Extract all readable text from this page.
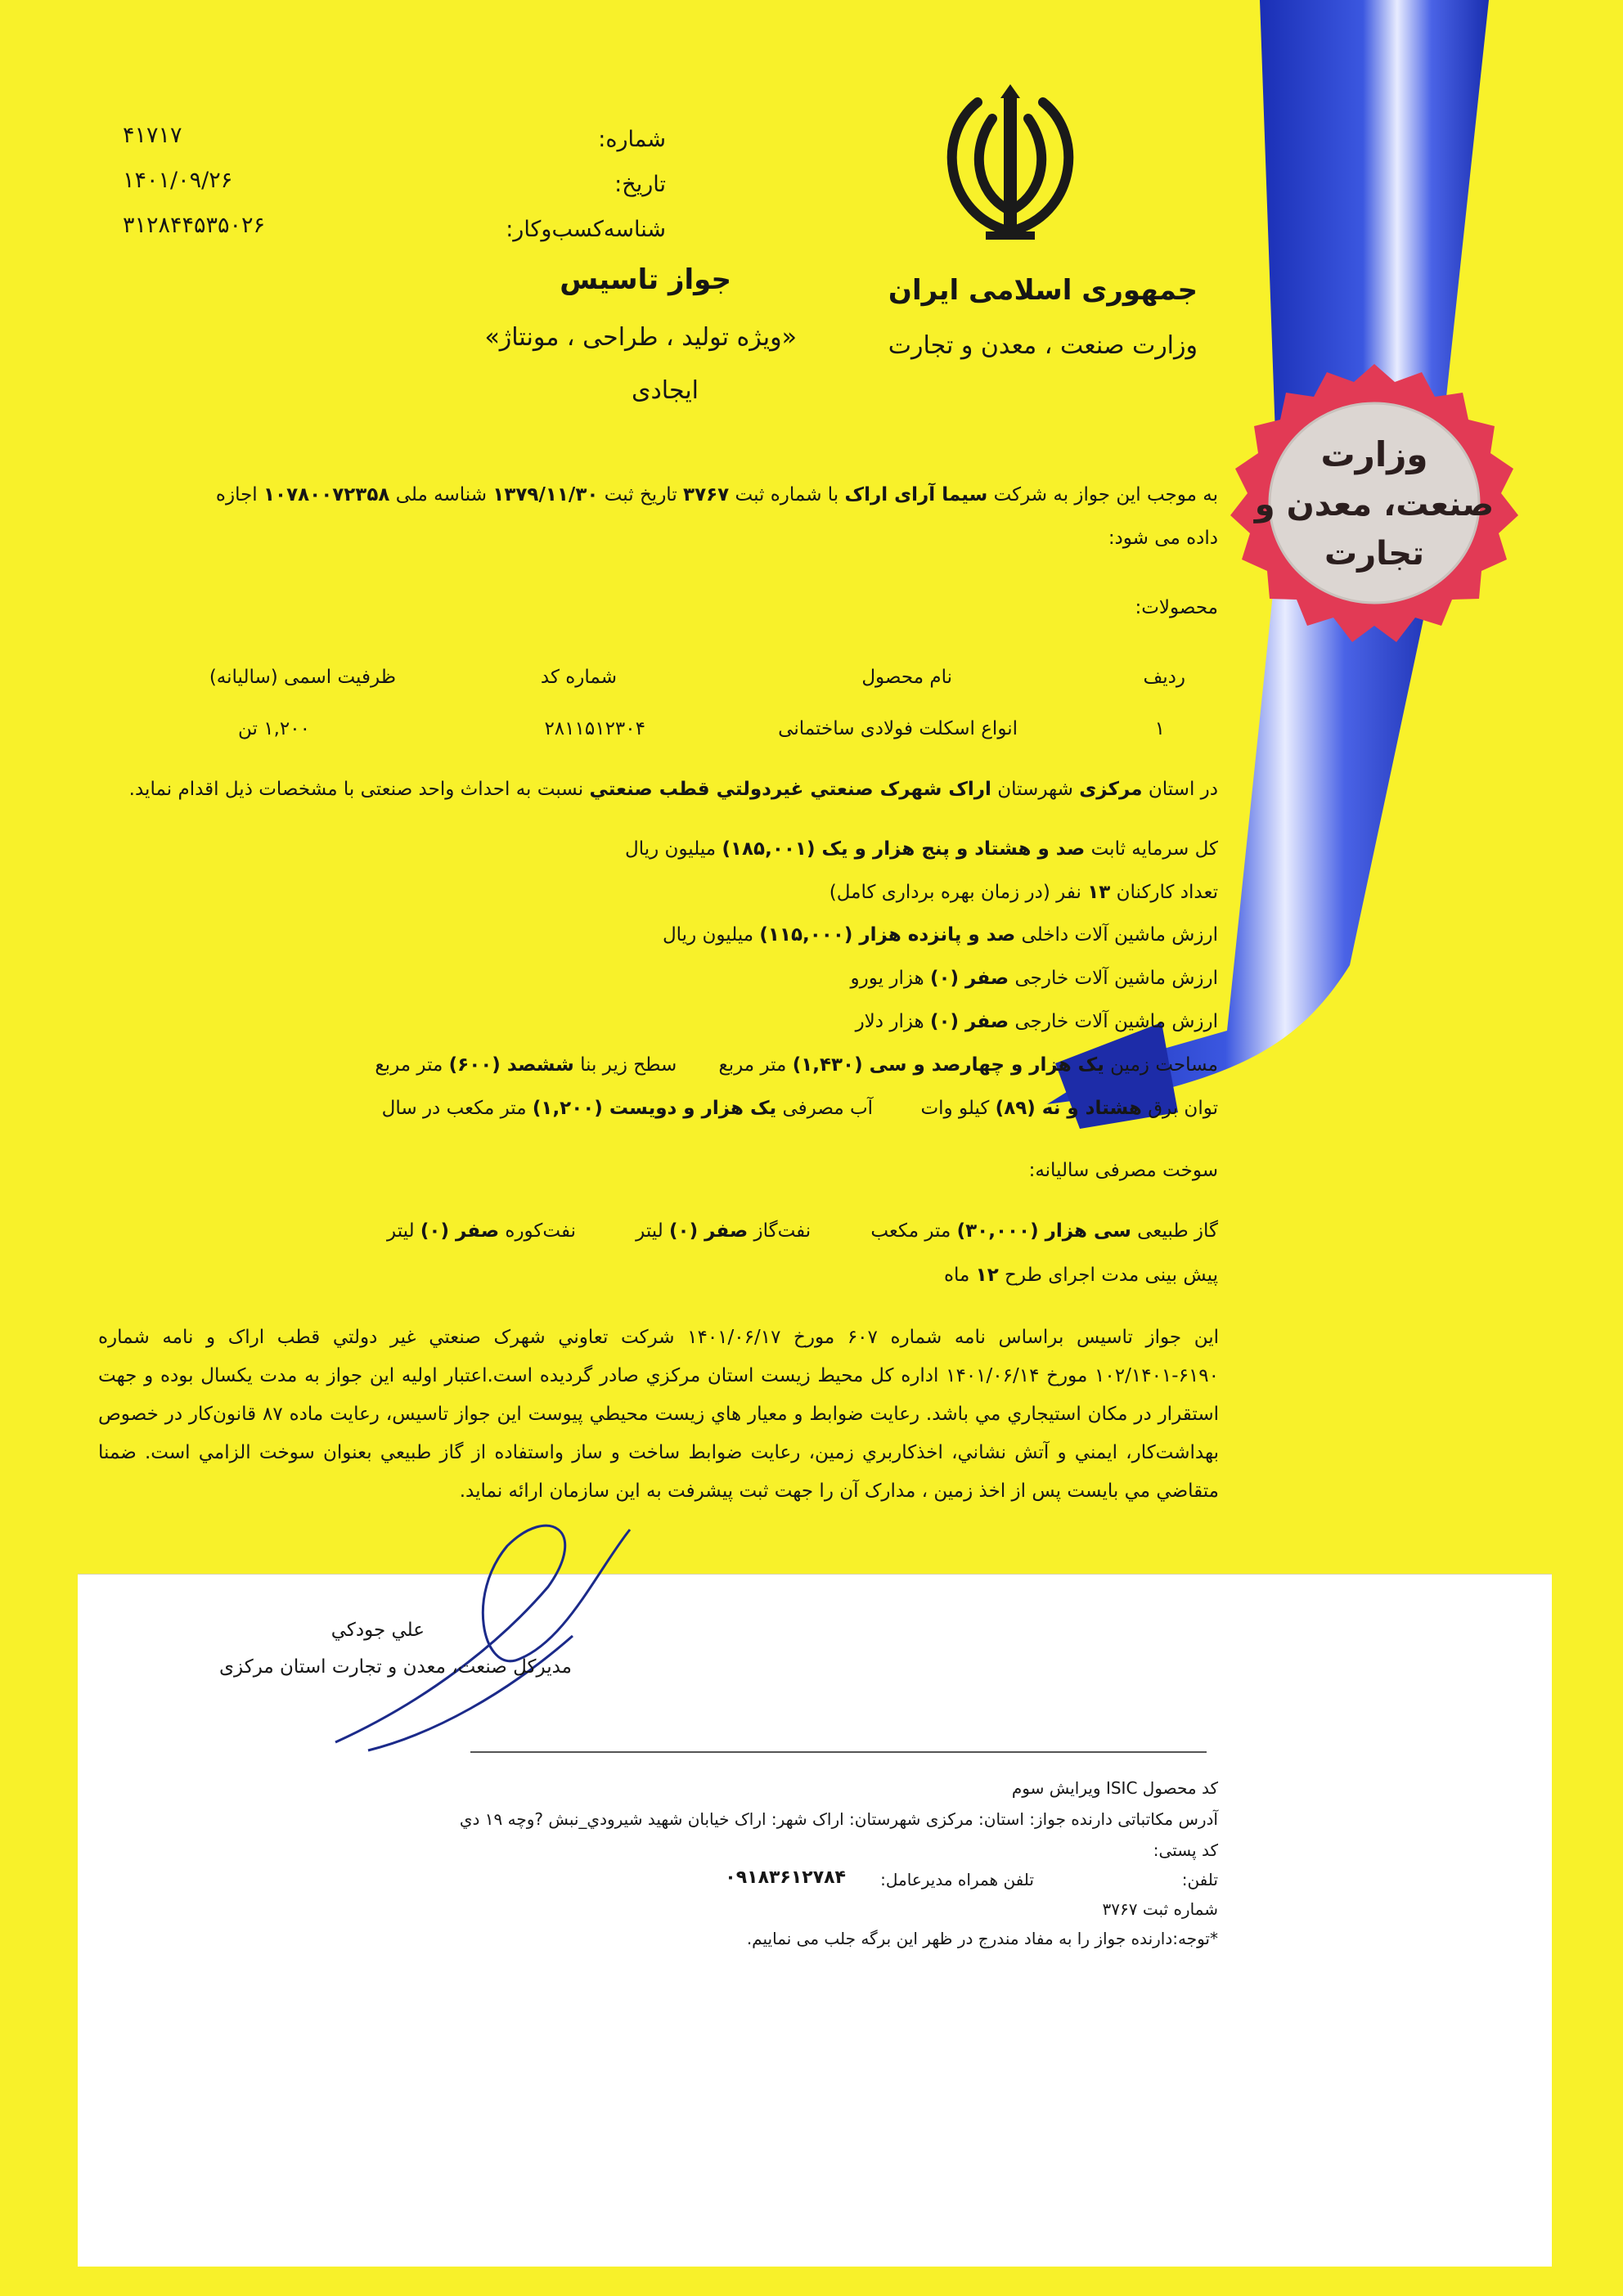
وزارت
صنعت، معدن و
تجارت
شماره:
تاریخ:
شناسه‌کسب‌وکار:
۴۱۷۱۷
۱۴۰۱/۰۹/۲۶
۳۱۲۸۴۴۵۳۵۰۲۶
جمهوری اسلامی ایران
وزارت صنعت ، معدن و تجارت
جواز تاسیس
«ویژه تولید ، طراحی ، مونتاژ»
ایجادی
به موجب این جواز به شرکت سیما آرای اراک با شماره ثبت ۳۷۶۷ تاریخ ثبت ۱۳۷۹/۱۱/۳۰ شناسه ملی ۱۰۷۸۰۰۷۲۳۵۸ اجازه
داده می شود:
محصولات:
ردیف
نام محصول
شماره کد
ظرفیت اسمی (سالیانه)
۱
انواع اسکلت فولادی ساختمانی
۲۸۱۱۵۱۲۳۰۴
۱,۲۰۰ تن
در استان مرکزی شهرستان اراک شهرک صنعتي غیردولتي قطب صنعتي نسبت به احداث واحد صنعتی با مشخصات ذیل اقدام نماید.
کل سرمایه ثابت صد و هشتاد و پنج هزار و یک (۱۸۵,۰۰۱) میلیون ریال
تعداد کارکنان ۱۳ نفر (در زمان بهره برداری کامل)
ارزش ماشین آلات داخلی صد و پانزده هزار (۱۱۵,۰۰۰) میلیون ریال
ارزش ماشین آلات خارجی صفر (۰) هزار یورو
ارزش ماشین آلات خارجی صفر (۰) هزار دلار
مساحت زمین یک هزار و چهارصد و سی (۱,۴۳۰) متر مربع       سطح زیر بنا ششصد (۶۰۰) متر مربع
توان برق هشتاد و نه (۸۹) کیلو وات        آب مصرفی یک هزار و دویست (۱,۲۰۰) متر مکعب در سال
سوخت مصرفی سالیانه:
گاز طبیعی سی هزار (۳۰,۰۰۰) متر مکعب          نفت‌گاز صفر (۰) لیتر          نفت‌کوره صفر (۰) لیتر
پیش بینی مدت اجرای طرح ۱۲ ماه
این جواز تاسیس براساس نامه شماره ۶۰۷ مورخ ۱۴۰۱/۰۶/۱۷ شرکت تعاوني شهرک صنعتي غیر دولتي قطب اراک و نامه شماره ۶۱۹۰-۱۰۲/۱۴۰۱ مورخ ۱۴۰۱/۰۶/۱۴ اداره کل محیط زیست استان مرکزي صادر گردیده است.اعتبار اولیه این جواز به مدت یکسال بوده و جهت استقرار در مکان استیجاري مي باشد. رعایت ضوابط و معیار هاي زیست محیطي پیوست این جواز تاسیس، رعایت ماده ۸۷ قانون‌کار در خصوص بهداشت‌کار، ایمني و آتش نشاني، اخذ‌کاربري زمین، رعایت ضوابط ساخت و ساز واستفاده از گاز طبیعي بعنوان سوخت الزامي است. ضمنا متقاضي مي بایست پس از اخذ زمین ، مدارک آن را جهت ثبت پیشرفت به این سازمان ارائه نماید.
علي جودکي
مدیرکل صنعت، معدن و تجارت استان مرکزی
کد محصول ISIC ویرایش سوم
آدرس مکاتباتی دارنده جواز: استان: مرکزی شهرستان: اراک شهر: اراک خیابان شهید شیرودي_نبش ?وچه ۱۹ دي
کد پستی:
تلفن:
تلفن همراه مدیرعامل:
۰۹۱۸۳۶۱۲۷۸۴
شماره ثبت ۳۷۶۷
*توجه:دارنده جواز را به مفاد مندرج در ظهر این برگه جلب می نماییم.
